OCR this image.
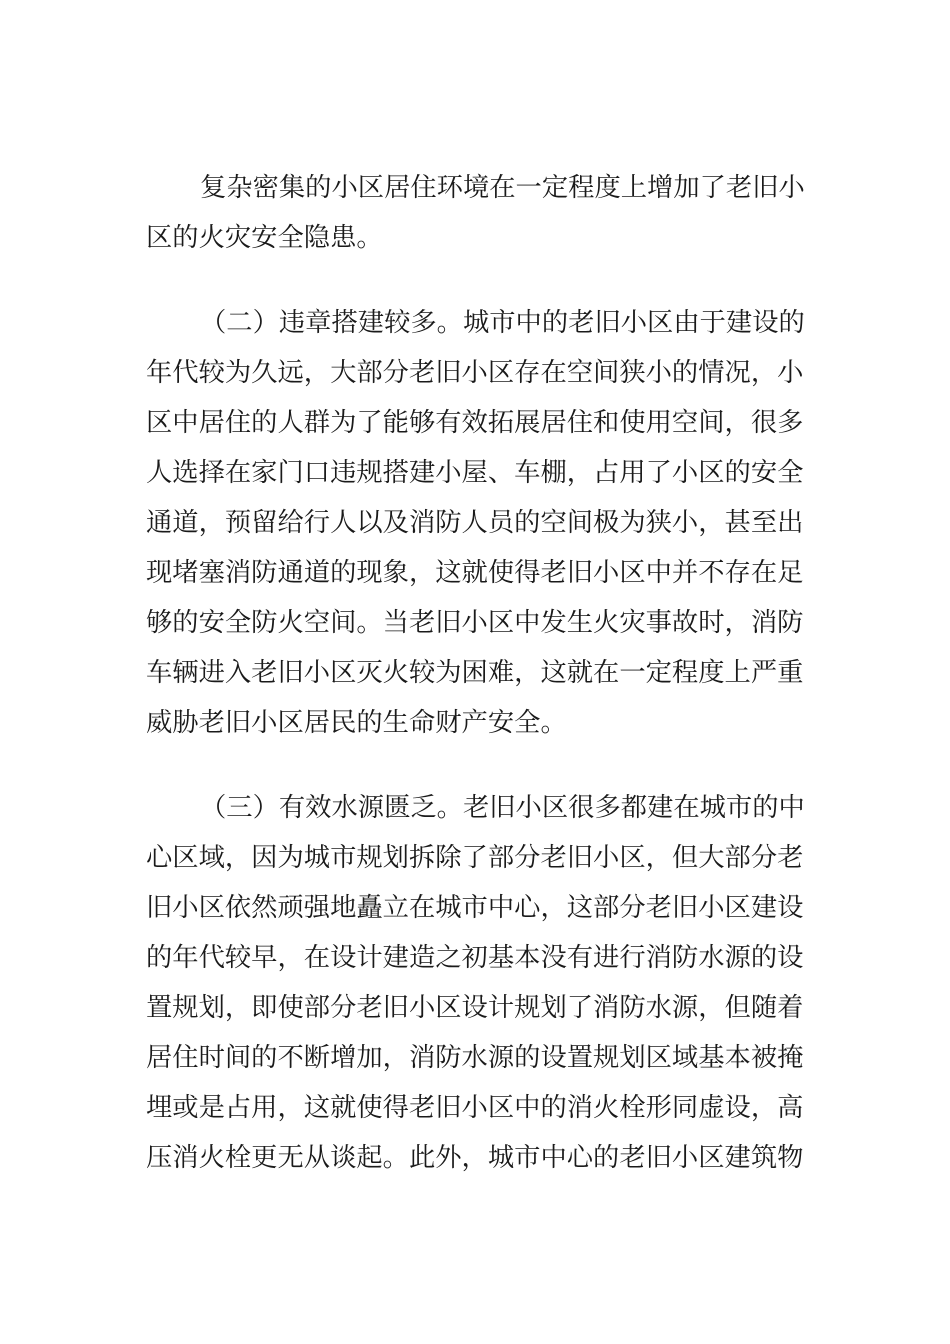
复杂密集的小区居住环境在一定程度上增加了老旧小
区的火灾安全隐患。
（二）违章搭建较多。城市中的老旧小区由于建设的
年代较为久远，大部分老旧小区存在空间狭小的情况，小
区中居住的人群为了能够有效拓展居住和使用空间，很多
人选择在家门口违规搭建小屋、车棚，占用了小区的安全
通道，预留给行人以及消防人员的空间极为狭小，甚至出
现堵塞消防通道的现象，这就使得老旧小区中并不存在足
够的安全防火空间。当老旧小区中发生火灾事故时，消防
车辆进入老旧小区灭火较为困难，这就在一定程度上严重
威胁老旧小区居民的生命财产安全。
（三）有效水源匮乏。老旧小区很多都建在城市的中
心区域，因为城市规划拆除了部分老旧小区，但大部分老
旧小区依然顽强地矗立在城市中心，这部分老旧小区建设
的年代较早，在设计建造之初基本没有进行消防水源的设
置规划，即使部分老旧小区设计规划了消防水源，但随着
居住时间的不断增加，消防水源的设置规划区域基本被掩
埋或是占用，这就使得老旧小区中的消火栓形同虚设，高
压消火栓更无从谈起。此外，城市中心的老旧小区建筑物
